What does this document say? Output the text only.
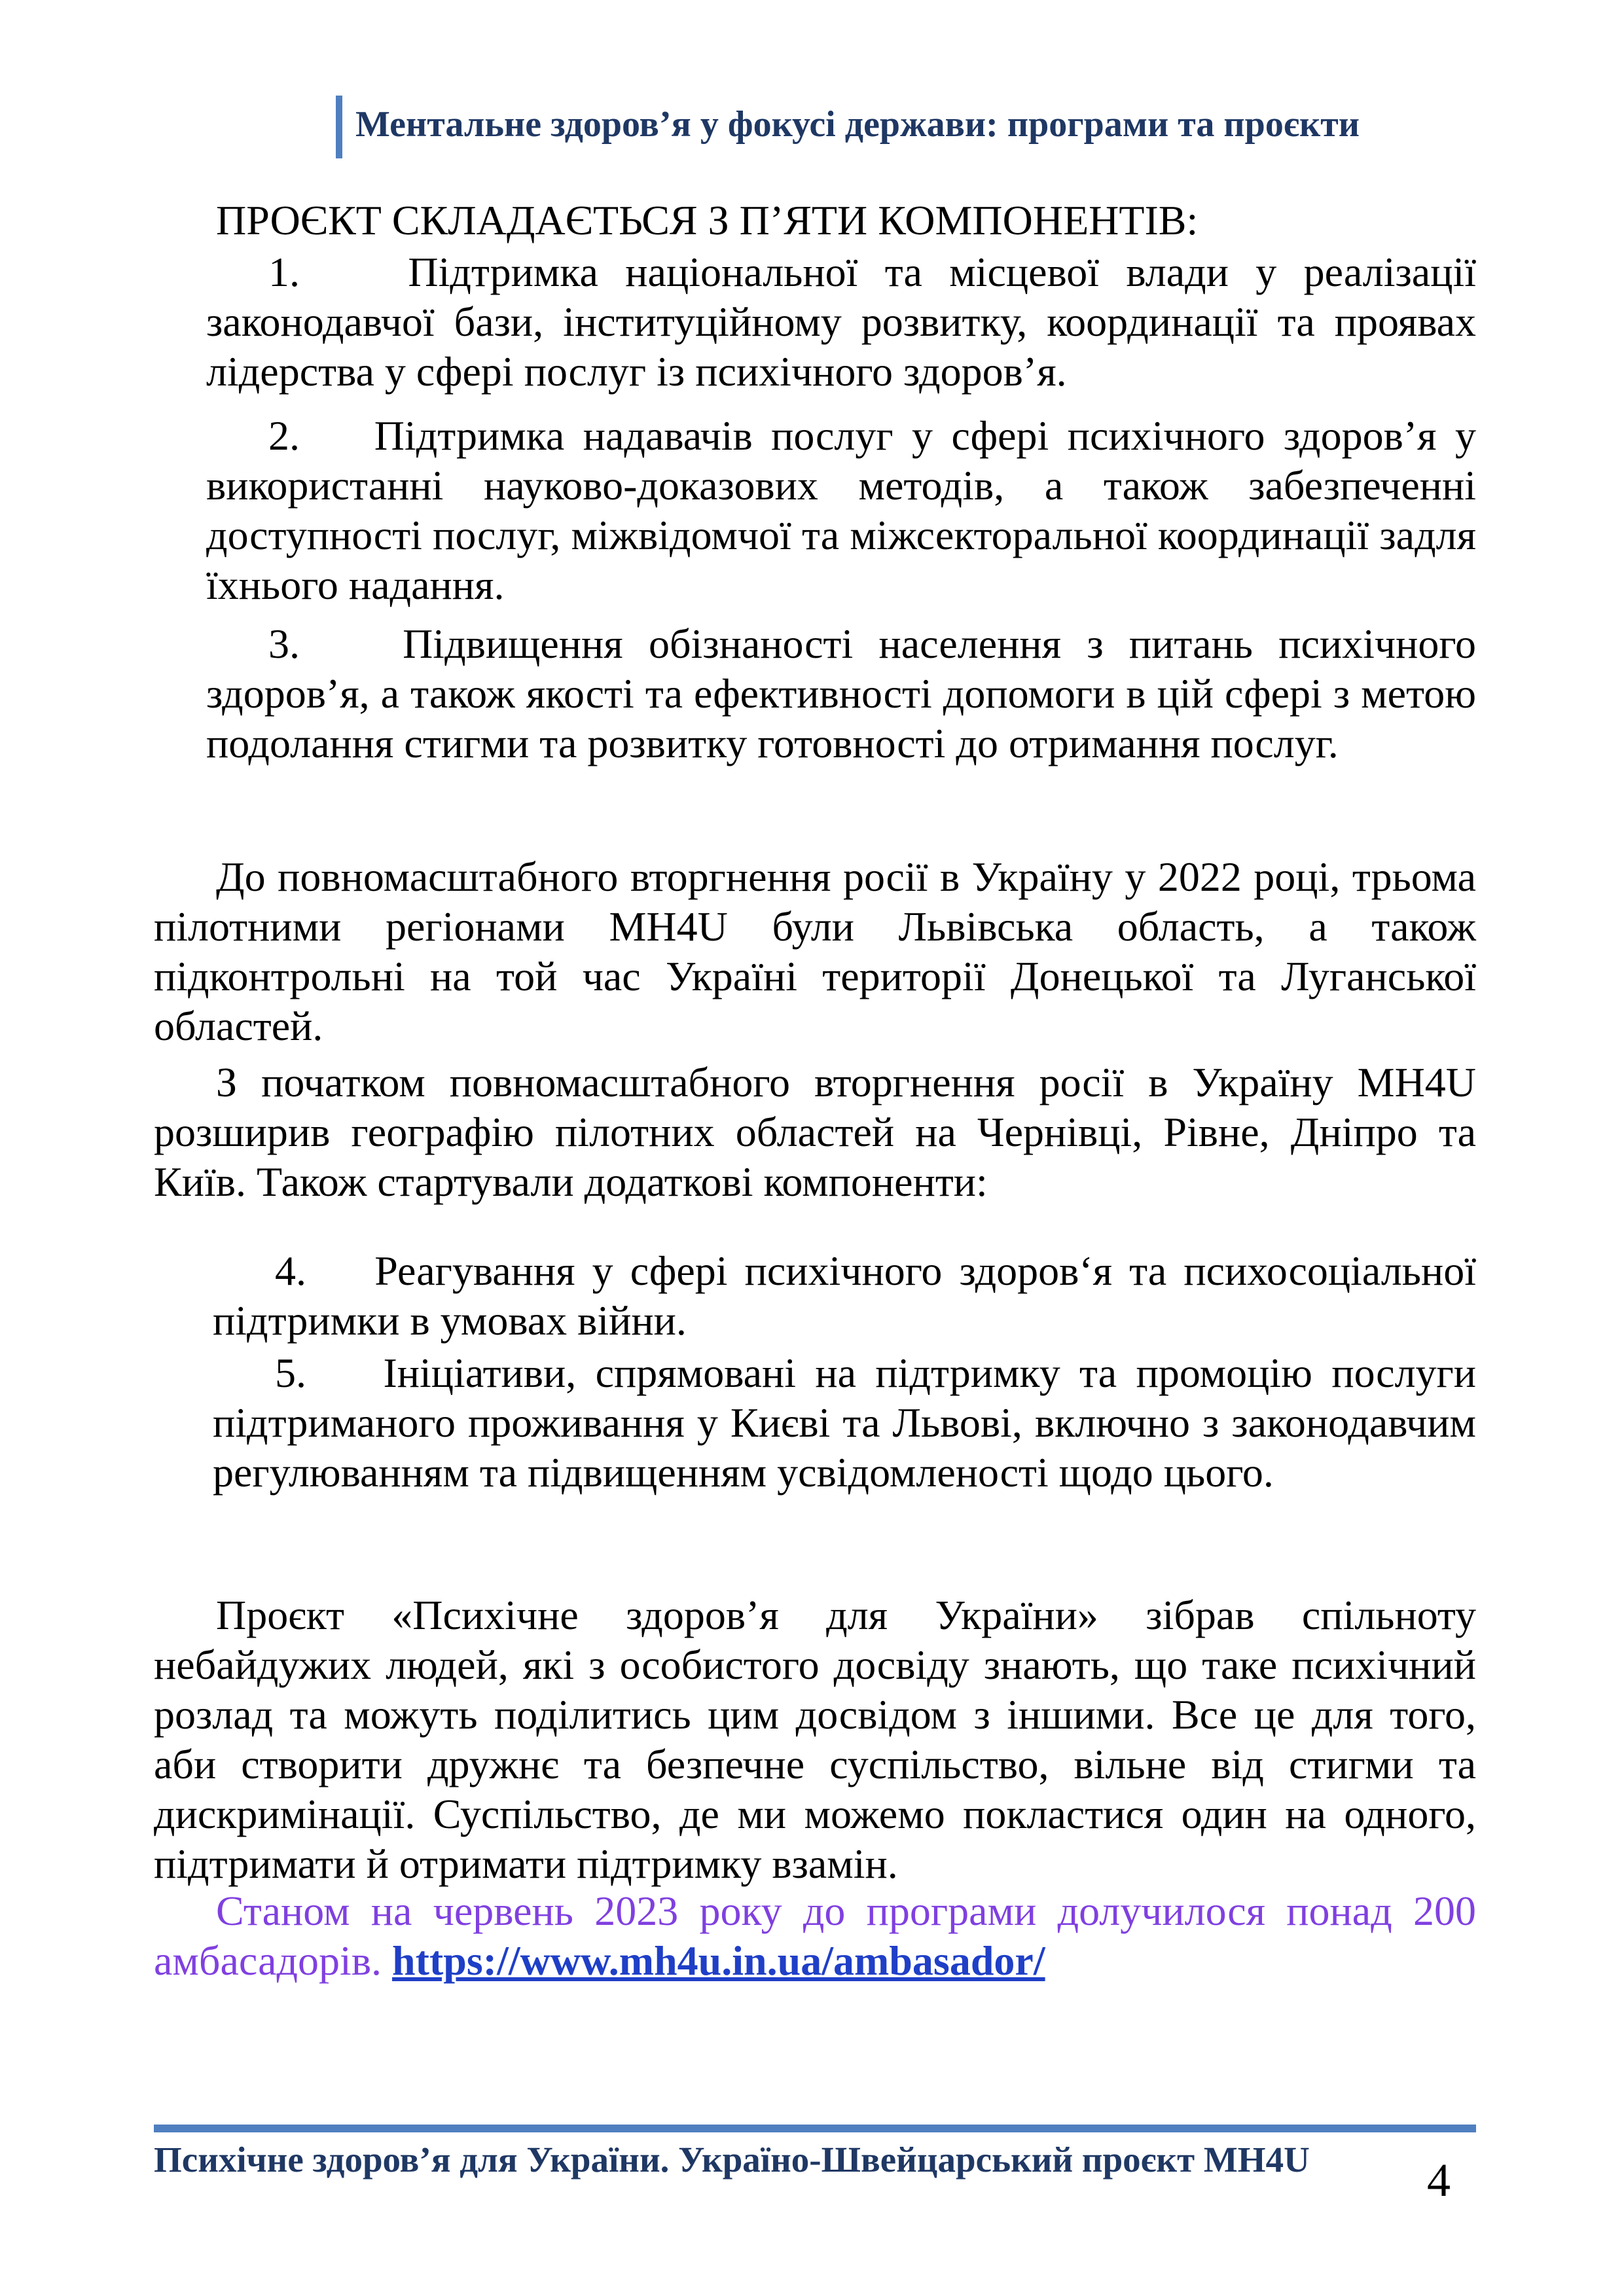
Ментальне здоров’я у фокусі держави: програми та проєкти
ПРОЄКТ СКЛАДАЄТЬСЯ З П’ЯТИ КОМПОНЕНТІВ:
1.	Підтримка національної та місцевої влади у реалізації законодавчої бази, інституційному розвитку, координації та проявах лідерства у сфері послуг із психічного здоров’я.
2. Підтримка надавачів послуг у сфері психічного здоров’я у використанні науково-доказових методів, а також забезпеченні доступності послуг, міжвідомчої та міжсекторальної координації задля їхнього надання.
3. Підвищення обізнаності населення з питань психічного здоров’я, а також якості та ефективності допомоги в цій сфері з метою подолання стигми та розвитку готовності до отримання послуг.
До повномасштабного вторгнення росії в Україну у 2022 році, трьома пілотними регіонами MH4U були Львівська область, а також підконтрольні на той час Україні території Донецької та Луганської областей.
З початком повномасштабного вторгнення росії в Україну MH4U розширив географію пілотних областей на Чернівці, Рівне, Дніпро та Київ. Також стартували додаткові компоненти:
4. Реагування у сфері психічного здоров‘я та психосоціальної підтримки в умовах війни.
5. Ініціативи, спрямовані на підтримку та промоцію послуги підтриманого проживання у Києві та Львові, включно з законодавчим регулюванням та підвищенням усвідомленості щодо цього.
Проєкт «Психічне здоров’я для України» зібрав спільноту небайдужих людей, які з особистого досвіду знають, що таке психічний розлад та можуть поділитись цим досвідом з іншими. Все це для того, аби створити дружнє та безпечне суспільство, вільне від стигми та дискримінації. Суспільство, де ми можемо покластися один на одного, підтримати й отримати підтримку взамін.
Станом на червень 2023 року до програми долучилося понад 200 амбасадорів. https://www.mh4u.in.ua/ambasador/
Психічне здоров’я для України. Україно-Швейцарський проєкт MH4U 4
